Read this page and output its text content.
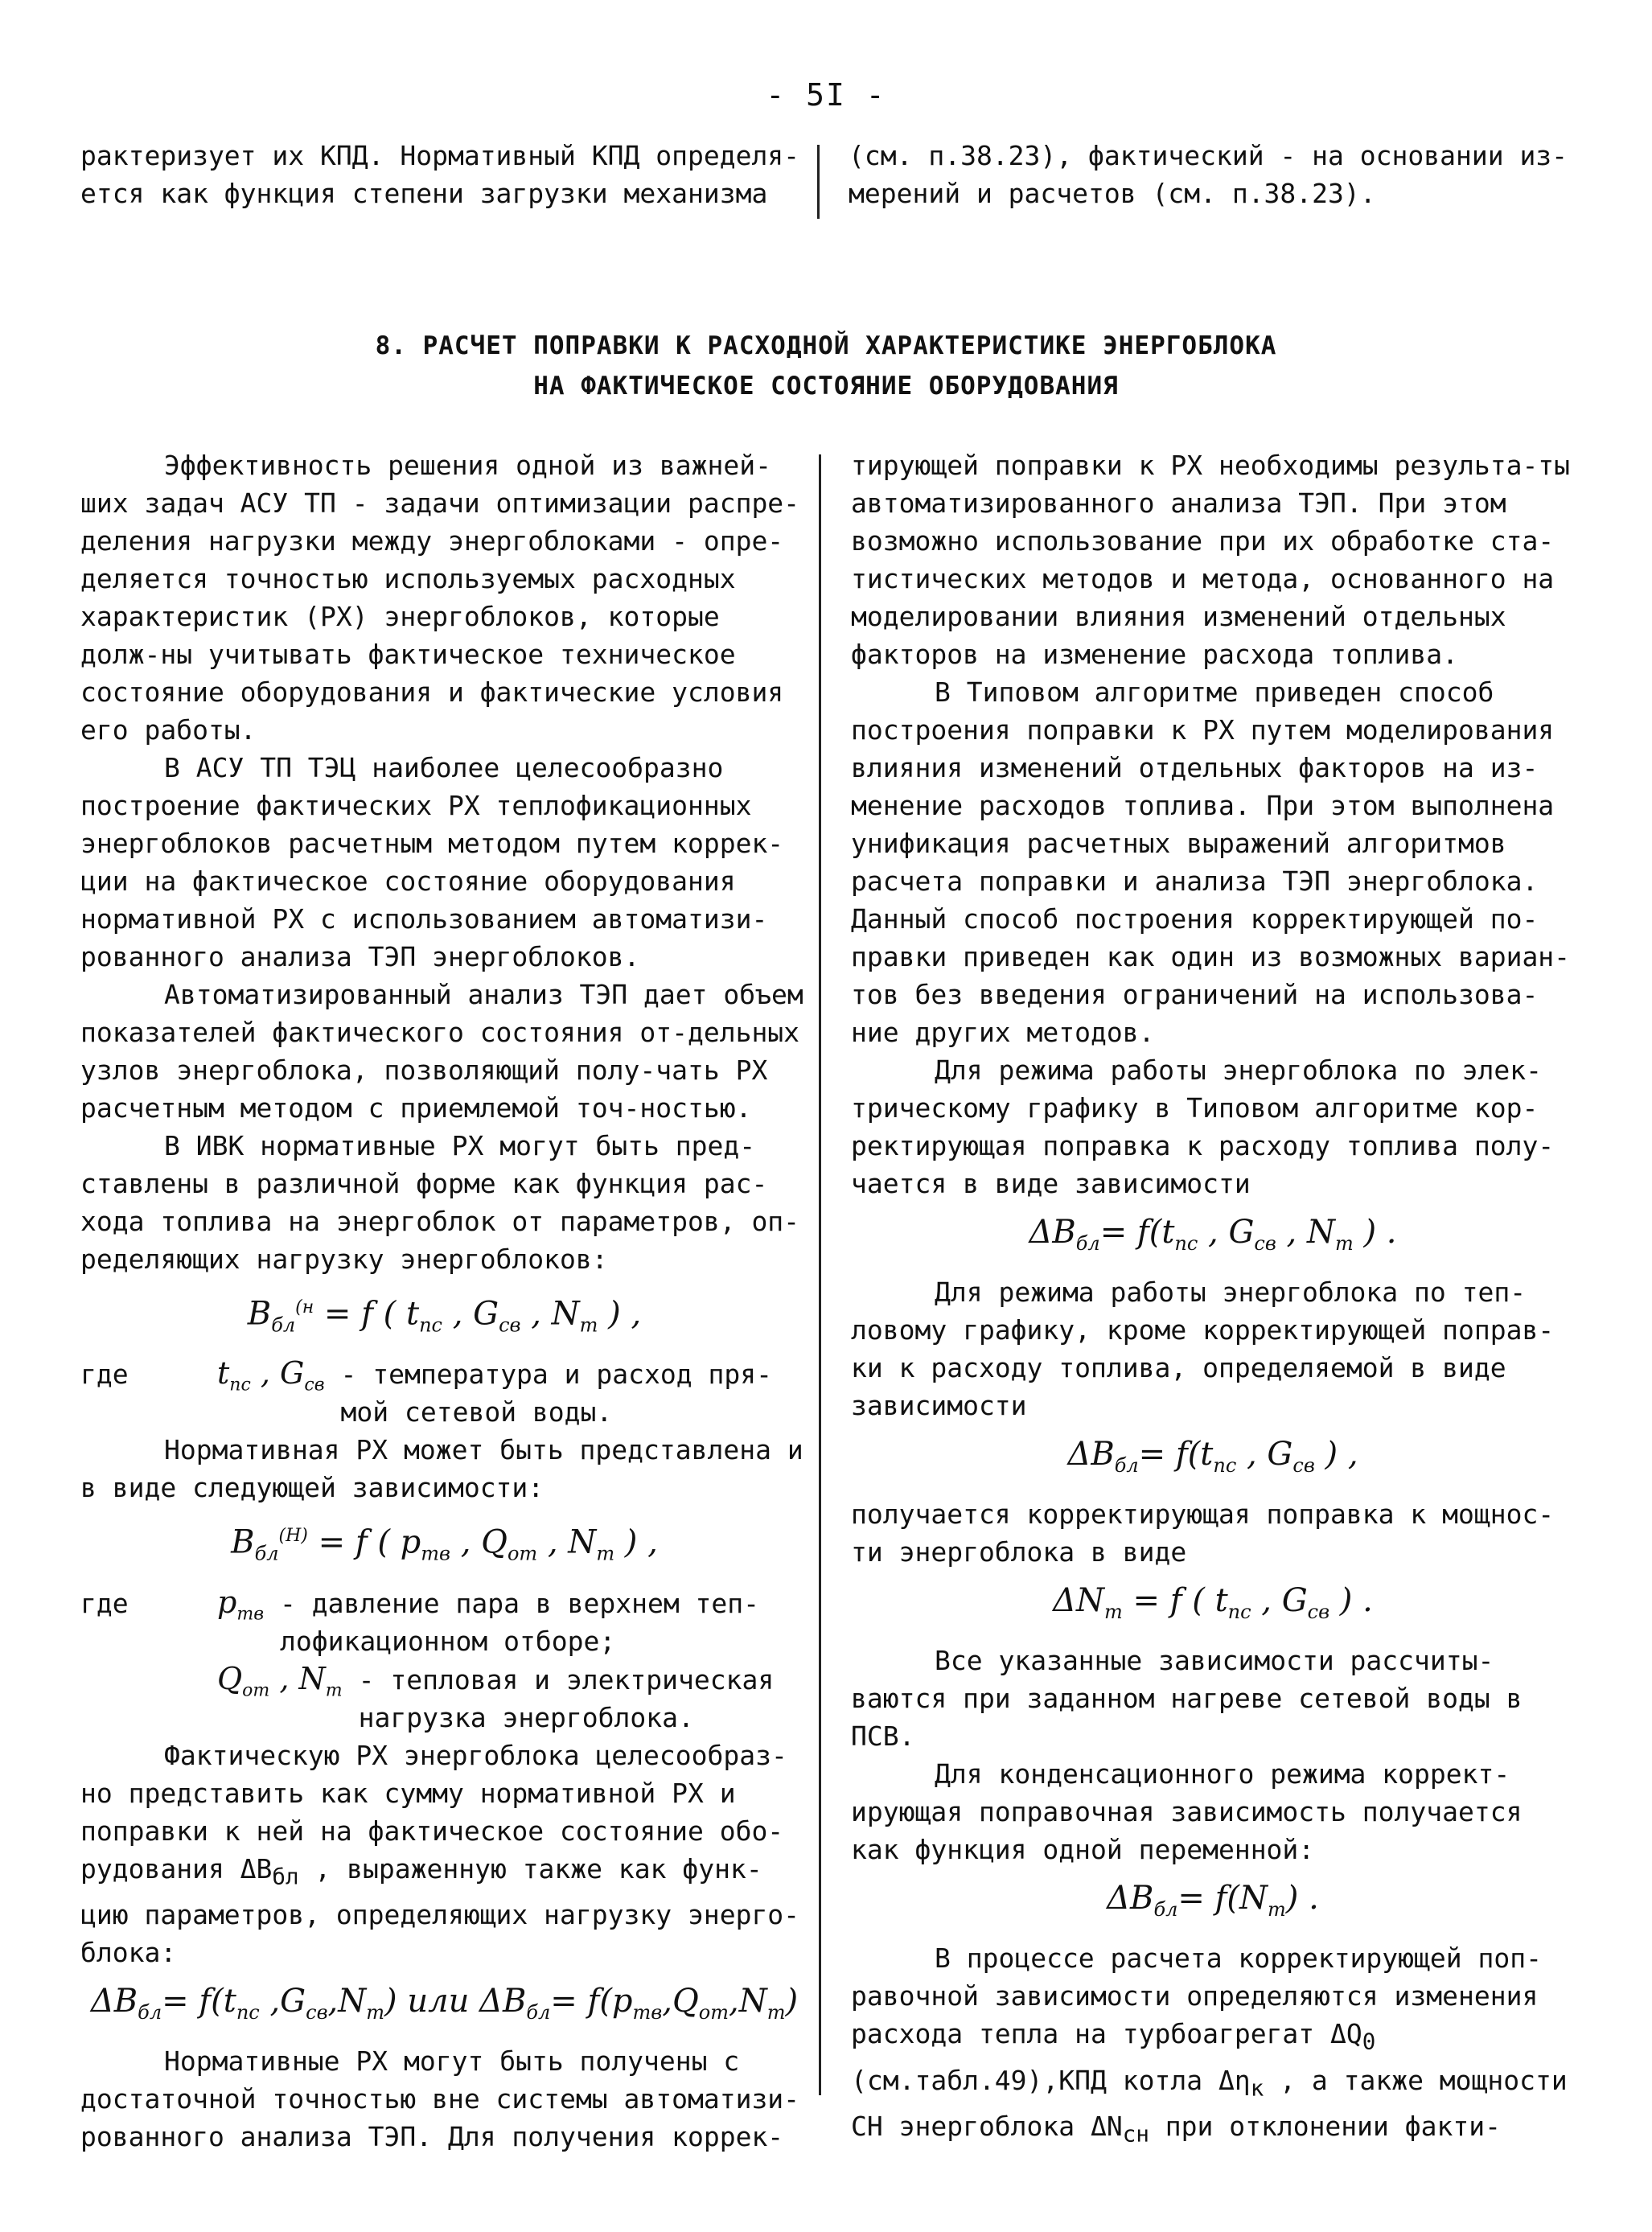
- 5I -

рактеризует их КПД. Нормативный КПД определя-

ется как функция степени загрузки механизма

(см. п.38.23), фактический - на основании из-

мерений и расчетов (см. п.38.23).

8. РАСЧЕТ ПОПРАВКИ К РАСХОДНОЙ ХАРАКТЕРИСТИКЕ ЭНЕРГОБЛОКА
НА ФАКТИЧЕСКОЕ СОСТОЯНИЕ ОБОРУДОВАНИЯ

Эффективность решения одной из важней-ших задач АСУ ТП - задачи оптимизации распре-деления нагрузки между энергоблоками - опре-деляется точностью используемых расходных характеристик (РХ) энергоблоков, которые долж-ны учитывать фактическое техническое состояние оборудования и фактические условия его работы.

В АСУ ТП ТЭЦ наиболее целесообразно построение фактических РХ теплофикационных энергоблоков расчетным методом путем коррек-ции на фактическое состояние оборудования нормативной РХ с использованием автоматизи-рованного анализа ТЭП энергоблоков.

Автоматизированный анализ ТЭП дает объем показателей фактического состояния от-дельных узлов энергоблока, позволяющий полу-чать РХ расчетным методом с приемлемой точ-ностью.

В ИВК нормативные РХ могут быть пред-ставлены в различной форме как функция рас-хода топлива на энергоблок от параметров, оп-ределяющих нагрузку энергоблоков:

$B_{бл}^{(н} = f$ ( $t_{пс}$ , $G_{св}$ , $N_т$ ) ,
где	$t_{пс}$ , $G_{св}$ - температура и расход пря-мой сетевой воды.

Нормативная РХ может быть представлена и в виде следующей зависимости:

$B_{бл}^{(Н)} = f$ ( $p_{тв}$ , $Q_{от}$ , $N_т$ ) ,
где	$p_{тв}$ - давление пара в верхнем теп-лофикационном отборе;
$Q_{от}$ , $N_т$ - тепловая и электрическая нагрузка энергоблока.

Фактическую РХ энергоблока целесообраз-но представить как сумму нормативной РХ и поправки к ней на фактическое состояние обо-рудования $\Delta B_{бл}$ , выраженную также как функ-цию параметров, определяющих нагрузку энерго-блока:

$\Delta B_{бл}= f(t_{пс}$ $,G_{св},N_т$) или $\Delta B_{бл}= f(p_{тв},Q_{от},N_т)$

Нормативные РХ могут быть получены с достаточной точностью вне системы автоматизи-рованного анализа ТЭП. Для получения коррек-

тирующей поправки к РХ необходимы результа-ты автоматизированного анализа ТЭП. При этом возможно использование при их обработке ста-тистических методов и метода, основанного на моделировании влияния изменений отдельных факторов на изменение расхода топлива.

В Типовом алгоритме приведен способ построения поправки к РХ путем моделирования влияния изменений отдельных факторов на из-менение расходов топлива. При этом выполнена унификация расчетных выражений алгоритмов расчета поправки и анализа ТЭП энергоблока. Данный способ построения корректирующей по-правки приведен как один из возможных вариан-тов без введения ограничений на использова-ние других методов.

Для режима работы энергоблока по элек-трическому графику в Типовом алгоритме кор-ректирующая поправка к расходу топлива полу-чается в виде зависимости

$\Delta B_{бл}= f(t_{пс}$ , $G_{св}$ , $N_т$ ) .

Для режима работы энергоблока по теп-ловому графику, кроме корректирующей поправ-ки к расходу топлива, определяемой в виде зависимости

$\Delta B_{бл}= f(t_{пс}$ , $G_{св}$ ) ,

получается корректирующая поправка к мощнос-ти энергоблока в виде

$\Delta N_т = f$ ( $t_{пс}$ , $G_{св}$ ) .

Все указанные зависимости рассчиты-ваются при заданном нагреве сетевой воды в ПСВ.

Для конденсационного режима коррект-ирующая поправочная зависимость получается как функция одной переменной:

$\Delta B_{бл}= f(N_т)$ .

В процессе расчета корректирующей поп-равочной зависимости определяются изменения расхода тепла на турбоагрегат $\Delta Q_0$ (см.табл.49),КПД котла $\Delta\eta_к$ , а также мощности СН энергоблока $\Delta N_{сн}$ при отклонении факти-
